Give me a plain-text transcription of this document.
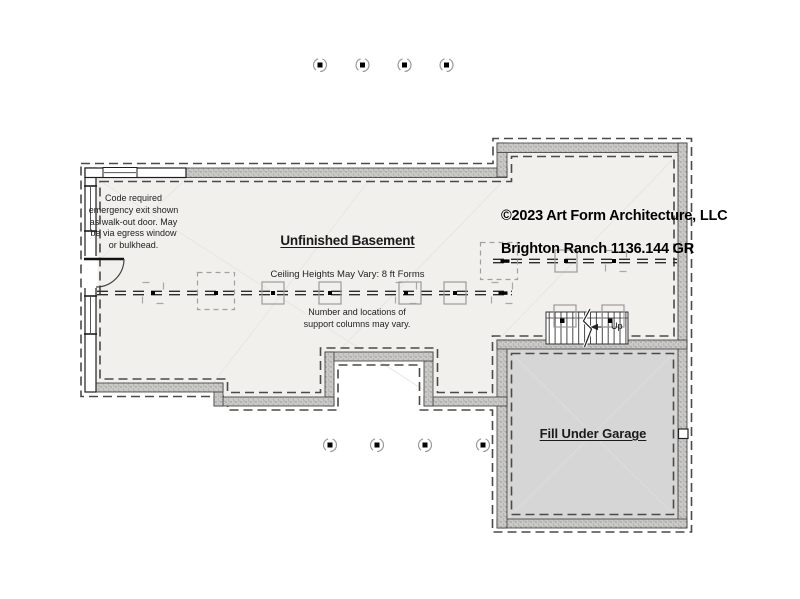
Code required emergency exit shown as walk-out door. May be via egress window or bulkhead.	Unfinished Basement

Ceiling Heights May Vary: 8 ft Forms

©2023 Art Form Architecture, LLC

Brighton Ranch 1136.144 GR

Number and locations of support columns may vary.
Fill Under Garage
Up
